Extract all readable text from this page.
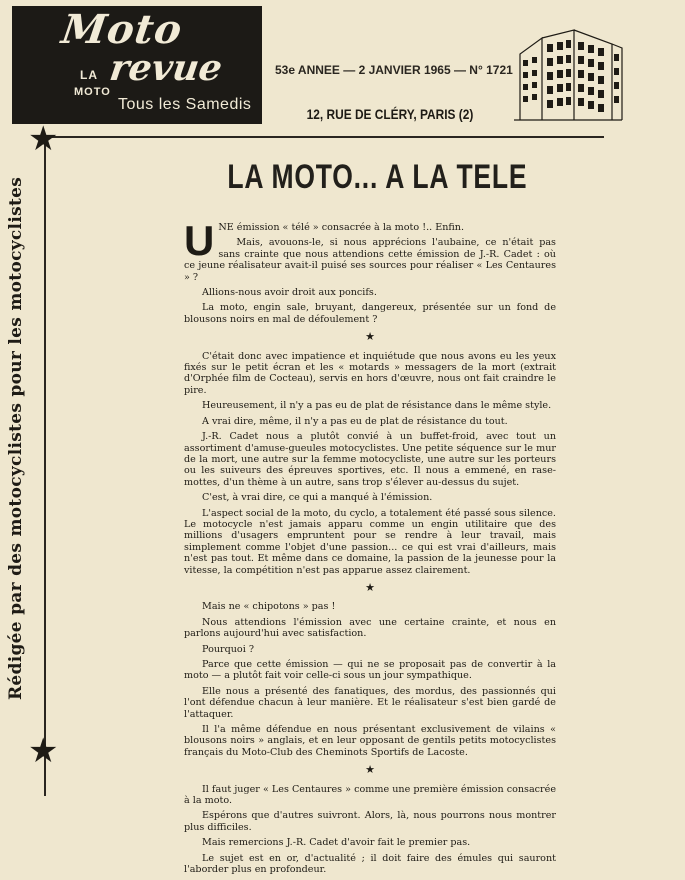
Moto
LA
MOTO
revue
Tous les Samedis
53e ANNEE — 2 JANVIER 1965 — N° 1721
12, RUE DE CLÉRY, PARIS (2)
★
★
Rédigée par des motocyclistes pour les motocyclistes	LA MOTO... A LA TELE

UNE émission « télé » consacrée à la moto !.. Enfin.

Mais, avouons-le, si nous apprécions l'aubaine, ce n'était pas sans crainte que nous attendions cette émission de J.-R. Cadet : où ce jeune réalisateur avait-il puisé ses sources pour réaliser « Les Centaures » ?

Allions-nous avoir droit aux poncifs.

La moto, engin sale, bruyant, dangereux, présentée sur un fond de blousons noirs en mal de défoulement ?

★

C'était donc avec impatience et inquiétude que nous avons eu les yeux fixés sur le petit écran et les « motards » messagers de la mort (extrait d'Orphée film de Cocteau), servis en hors d'œuvre, nous ont fait craindre le pire.

Heureusement, il n'y a pas eu de plat de résistance dans le même style.

A vrai dire, même, il n'y a pas eu de plat de résistance du tout.

J.-R. Cadet nous a plutôt convié à un buffet-froid, avec tout un assortiment d'amuse-gueules motocyclistes. Une petite séquence sur le mur de la mort, une autre sur la femme motocycliste, une autre sur les porteurs ou les suiveurs des épreuves sportives, etc. Il nous a emmené, en rase-mottes, d'un thème à un autre, sans trop s'élever au-dessus du sujet.

C'est, à vrai dire, ce qui a manqué à l'émission.

L'aspect social de la moto, du cyclo, a totalement été passé sous silence. Le motocycle n'est jamais apparu comme un engin utilitaire que des millions d'usagers empruntent pour se rendre à leur travail, mais simplement comme l'objet d'une passion... ce qui est vrai d'ailleurs, mais n'est pas tout. Et même dans ce domaine, la passion de la jeunesse pour la vitesse, la compétition n'est pas apparue assez clairement.

★

Mais ne « chipotons » pas !

Nous attendions l'émission avec une certaine crainte, et nous en parlons aujourd'hui avec satisfaction.

Pourquoi ?

Parce que cette émission — qui ne se proposait pas de convertir à la moto — a plutôt fait voir celle-ci sous un jour sympathique.

Elle nous a présenté des fanatiques, des mordus, des passionnés qui l'ont défendue chacun à leur manière. Et le réalisateur s'est bien gardé de l'attaquer.

Il l'a même défendue en nous présentant exclusivement de vilains « blousons noirs » anglais, et en leur opposant de gentils petits motocyclistes français du Moto-Club des Cheminots Sportifs de Lacoste.

★

Il faut juger « Les Centaures » comme une première émission consacrée à la moto.

Espérons que d'autres suivront. Alors, là, nous pourrons nous montrer plus difficiles.

Mais remercions J.-R. Cadet d'avoir fait le premier pas.

Le sujet est en or, d'actualité ; il doit faire des émules qui sauront l'aborder plus en profondeur.
